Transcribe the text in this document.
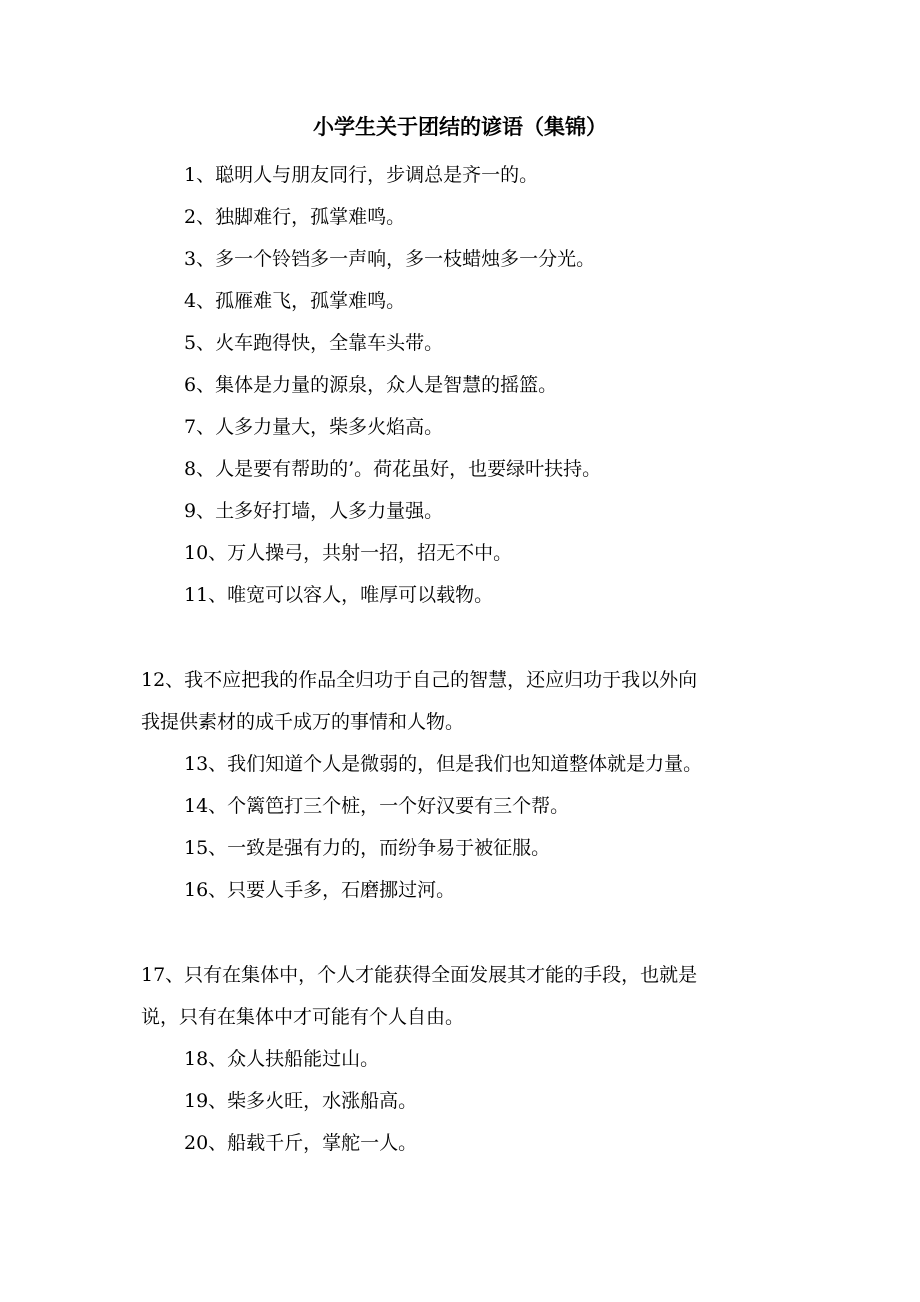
小学生关于团结的谚语（集锦）
1、聪明人与朋友同行，步调总是齐一的。
2、独脚难行，孤掌难鸣。
3、多一个铃铛多一声响，多一枝蜡烛多一分光。
4、孤雁难飞，孤掌难鸣。
5、火车跑得快，全靠车头带。
6、集体是力量的源泉，众人是智慧的摇篮。
7、人多力量大，柴多火焰高。
8、人是要有帮助的’。荷花虽好，也要绿叶扶持。
9、土多好打墙，人多力量强。
10、万人操弓，共射一招，招无不中。
11、唯宽可以容人，唯厚可以载物。
12、我不应把我的作品全归功于自己的智慧，还应归功于我以外向
我提供素材的成千成万的事情和人物。
13、我们知道个人是微弱的，但是我们也知道整体就是力量。
14、个篱笆打三个桩，一个好汉要有三个帮。
15、一致是强有力的，而纷争易于被征服。
16、只要人手多，石磨挪过河。
17、只有在集体中，个人才能获得全面发展其才能的手段，也就是
说，只有在集体中才可能有个人自由。
18、众人扶船能过山。
19、柴多火旺，水涨船高。
20、船载千斤，掌舵一人。
